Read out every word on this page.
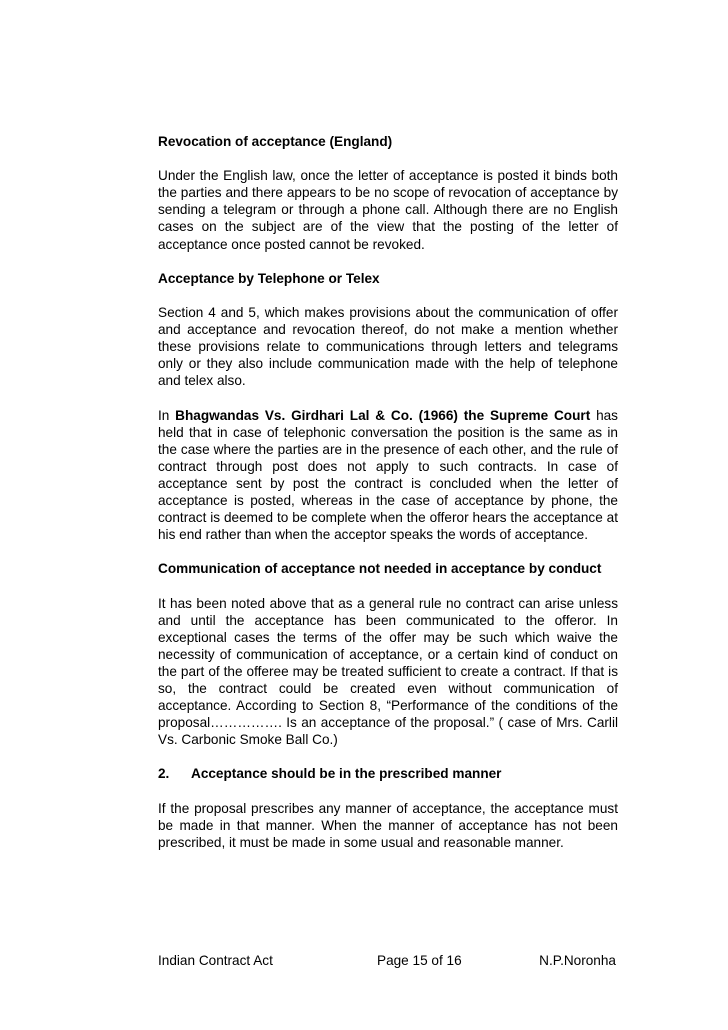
Revocation of acceptance (England)

Under the English law, once the letter of acceptance is posted it binds both the parties and there appears to be no scope of revocation of acceptance by sending a telegram or through a phone call. Although there are no English cases on the subject are of the view that the posting of the letter of acceptance once posted cannot be revoked.

Acceptance by Telephone or Telex

Section 4 and 5, which makes provisions about the communication of offer and acceptance and revocation thereof, do not make a mention whether these provisions relate to communications through letters and telegrams only or they also include communication made with the help of telephone and telex also.

In Bhagwandas Vs. Girdhari Lal & Co. (1966) the Supreme Court has held that in case of telephonic conversation the position is the same as in the case where the parties are in the presence of each other, and the rule of contract through post does not apply to such contracts. In case of acceptance sent by post the contract is concluded when the letter of acceptance is posted, whereas in the case of acceptance by phone, the contract is deemed to be complete when the offeror hears the acceptance at his end rather than when the acceptor speaks the words of acceptance.

Communication of acceptance not needed in acceptance by conduct

It has been noted above that as a general rule no contract can arise unless and until the acceptance has been communicated to the offeror. In exceptional cases the terms of the offer may be such which waive the necessity of communication of acceptance, or a certain kind of conduct on the part of the offeree may be treated sufficient to create a contract. If that is so, the contract could be created even without communication of acceptance. According to Section 8, “Performance of the conditions of the proposal……………. Is an acceptance of the proposal.” ( case of Mrs. Carlil Vs. Carbonic Smoke Ball Co.)

2.	Acceptance should be in the prescribed manner

If the proposal prescribes any manner of acceptance, the acceptance must be made in that manner. When the manner of acceptance has not been prescribed, it must be made in some usual and reasonable manner.

Indian Contract Act	Page 15 of 16	N.P.Noronha
